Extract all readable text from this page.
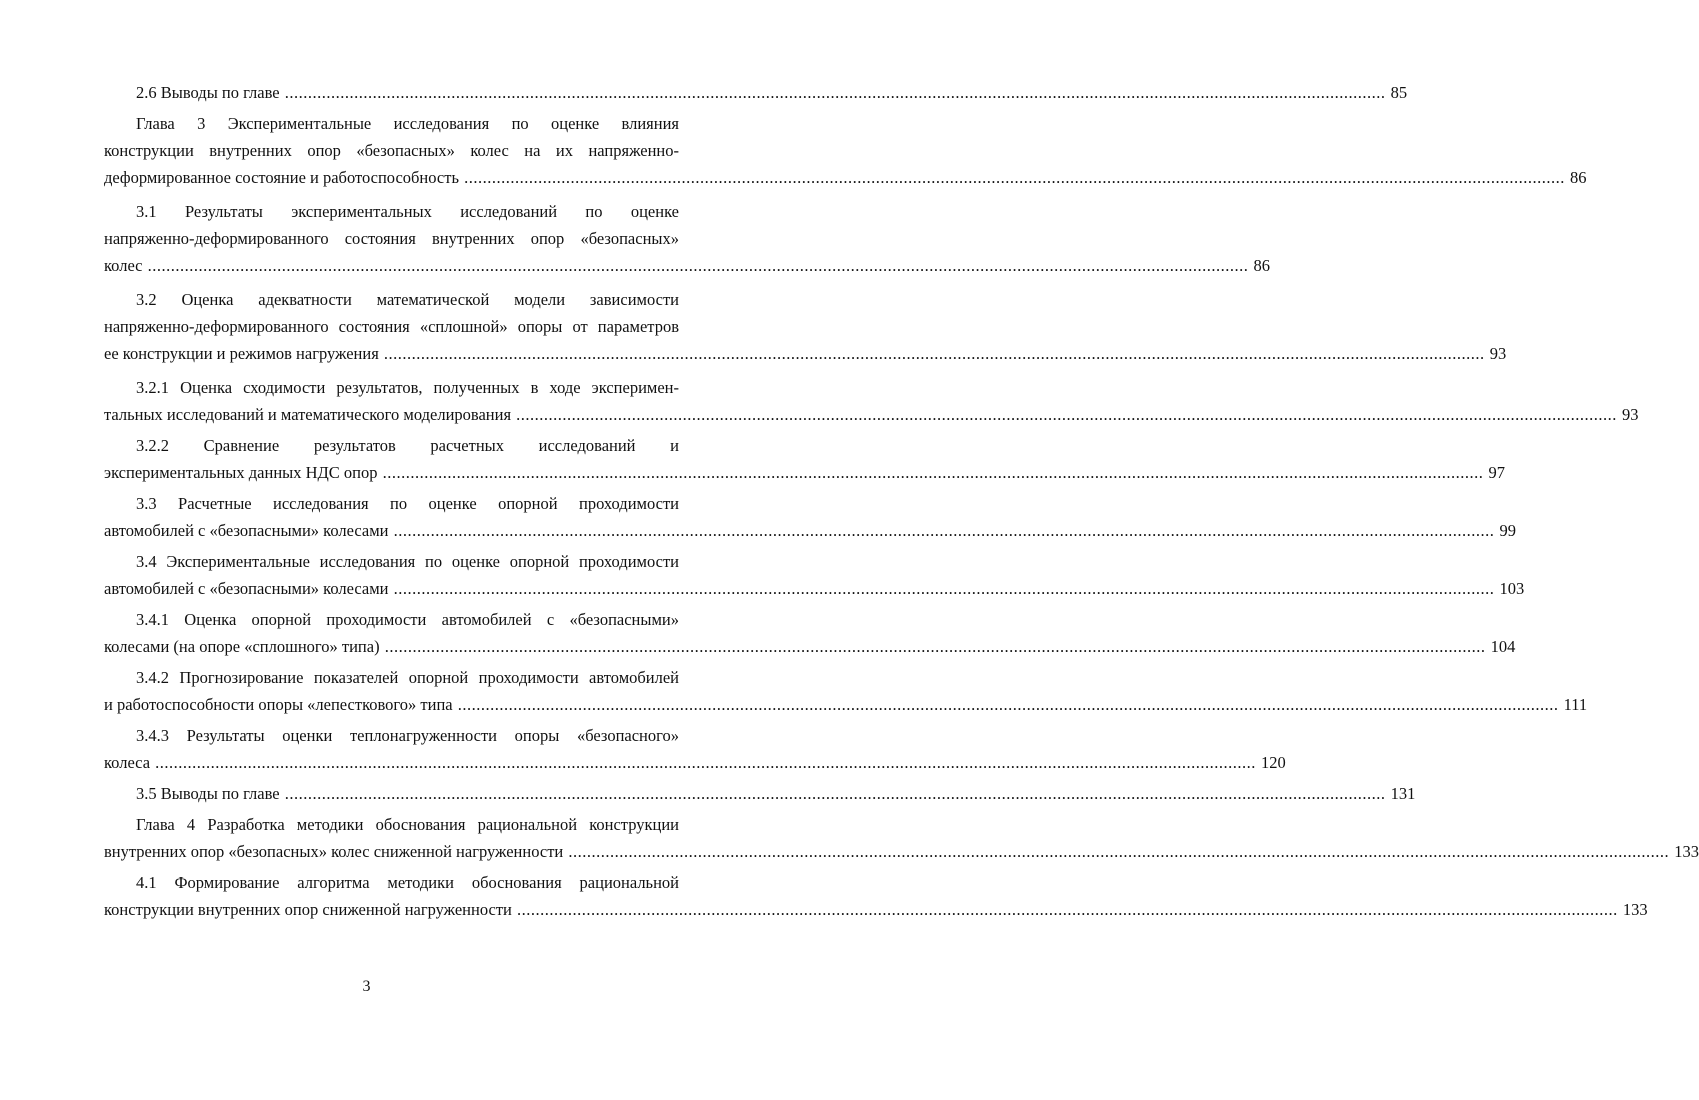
2.6 Выводы по главе .....	85
Глава 3 Экспериментальные исследования по оценке влияния
конструкции внутренних опор «безопасных» колес на их напряженно-
деформированное состояние и работоспособность .....	86
3.1 Результаты экспериментальных исследований по оценке
напряженно-деформированного состояния внутренних опор «безопасных»
колес .....	86
3.2 Оценка адекватности математической модели зависимости
напряженно-деформированного состояния «сплошной» опоры от параметров
ее конструкции и режимов нагружения .....	93
3.2.1 Оценка сходимости результатов, полученных в ходе эксперимен-
тальных исследований и математического моделирования .....	93
3.2.2 Сравнение результатов расчетных исследований и
экспериментальных данных НДС опор .....	97
3.3 Расчетные исследования по оценке опорной проходимости
автомобилей с «безопасными» колесами .....	99
3.4 Экспериментальные исследования по оценке опорной проходимости
автомобилей с «безопасными» колесами .....	103
3.4.1 Оценка опорной проходимости автомобилей с «безопасными»
колесами (на опоре «сплошного» типа) .....	104
3.4.2 Прогнозирование показателей опорной проходимости автомобилей
и работоспособности опоры «лепесткового» типа .....	111
3.4.3 Результаты оценки теплонагруженности опоры «безопасного»
колеса .....	120
3.5 Выводы по главе .....	131
Глава 4 Разработка методики обоснования рациональной конструкции
внутренних опор «безопасных» колес сниженной нагруженности .....	133
4.1 Формирование алгоритма методики обоснования рациональной
конструкции внутренних опор сниженной нагруженности .....	133
3
